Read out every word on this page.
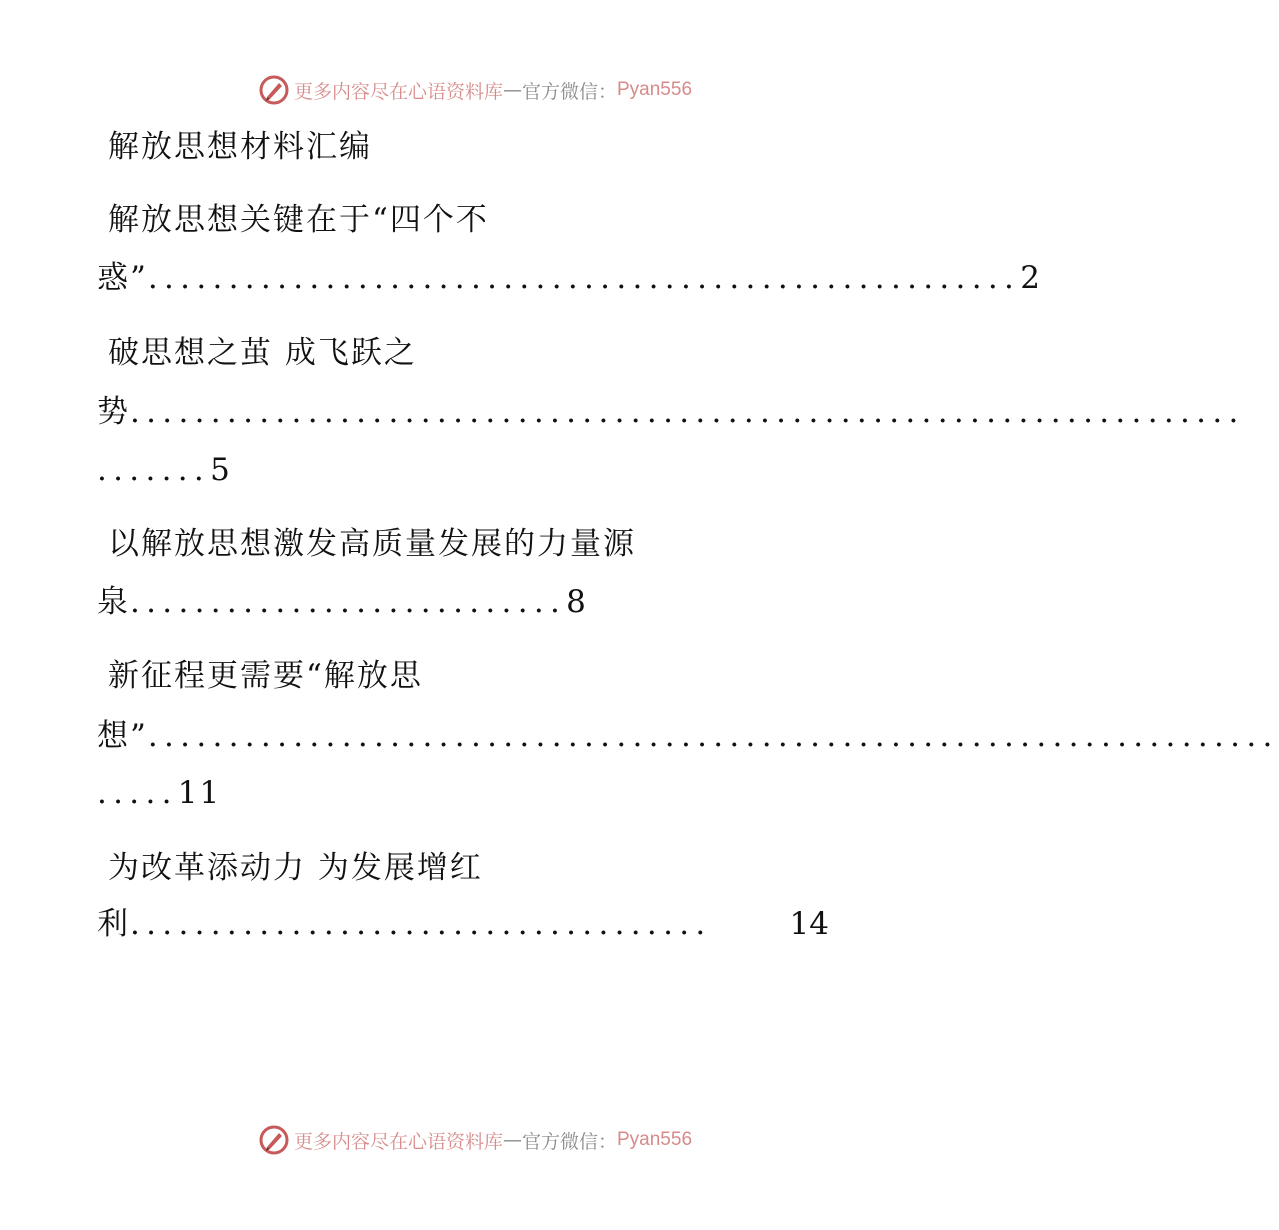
更多内容尽在心语资料库 — 官方微信： Pyan556
解放思想材料汇编
解放思想关键在于“四个不
惑” ...................................................... 2
破思想之茧 成飞跃之
势 .....................................................................
.......5
以解放思想激发高质量发展的力量源
泉...........................8
新征程更需要“解放思
想” ......................................................................
.....11
为改革添动力 为发展增红
利 ....................................	14
更多内容尽在心语资料库 — 官方微信： Pyan556
